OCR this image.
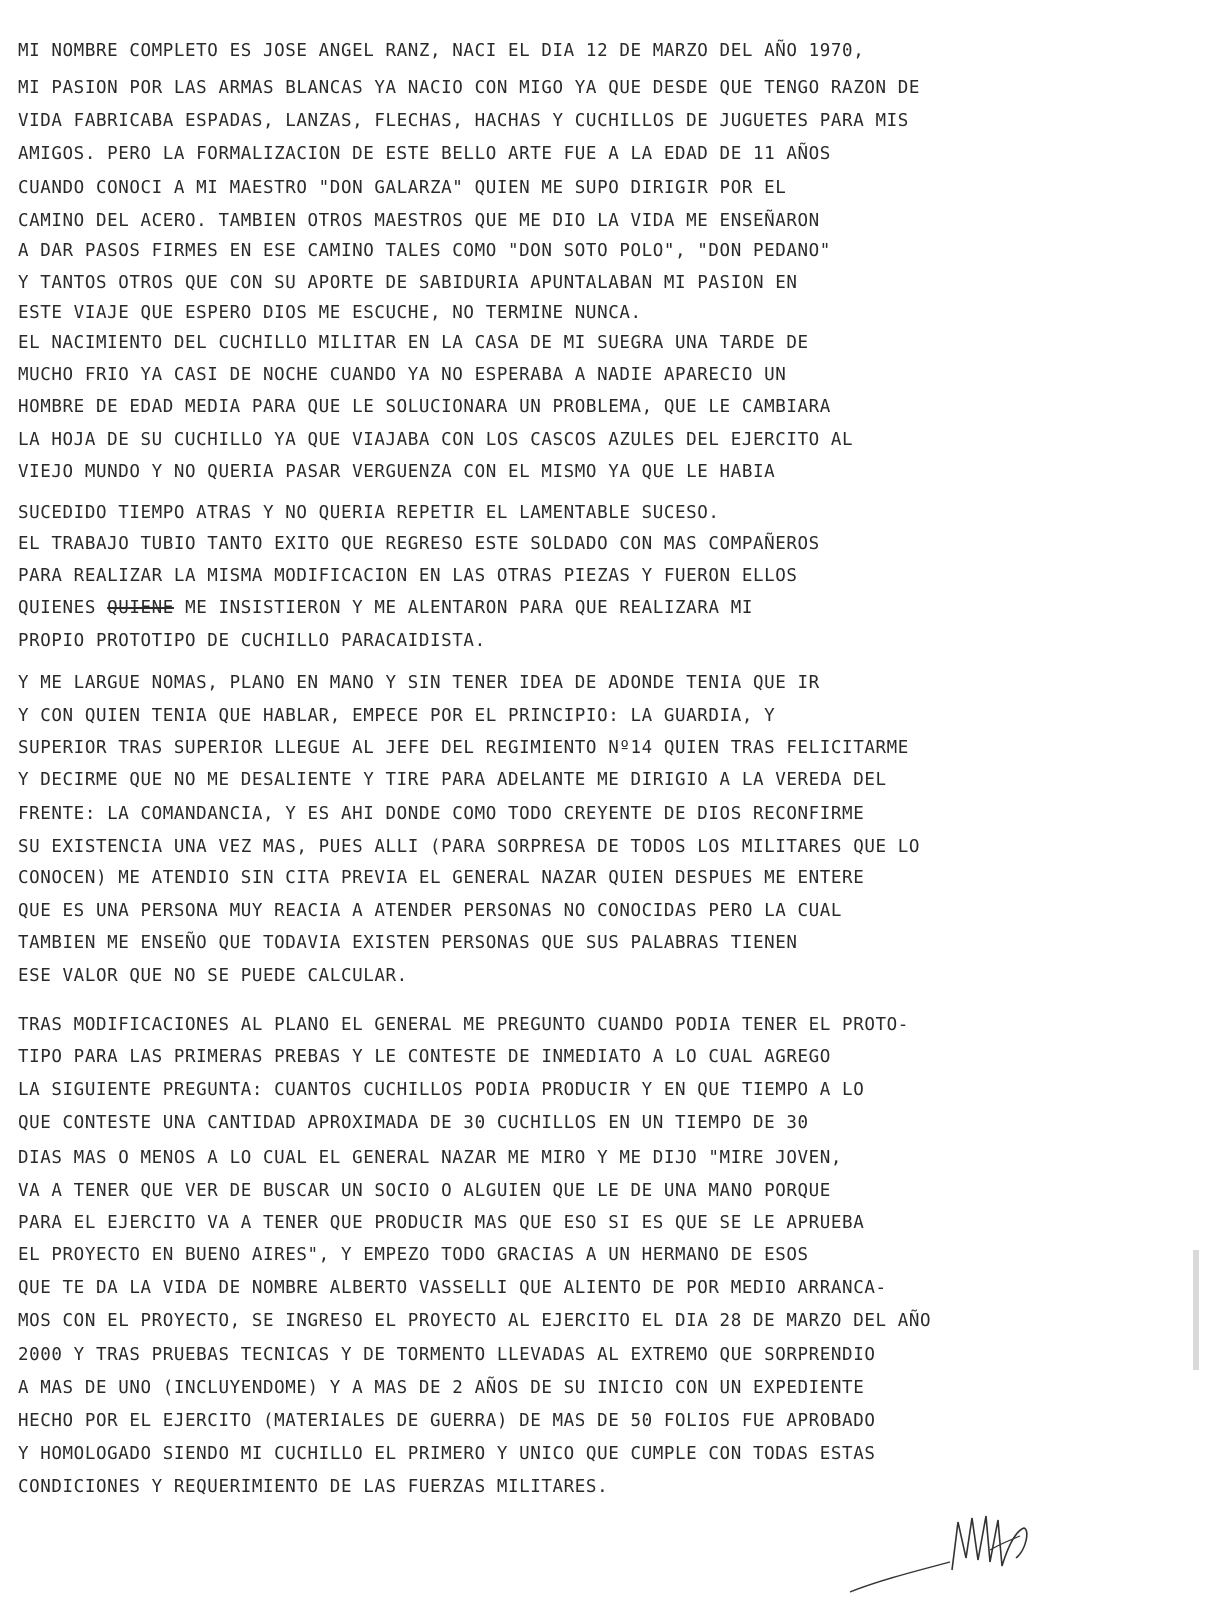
MI NOMBRE COMPLETO ES JOSE ANGEL RANZ, NACI EL DIA 12 DE MARZO DEL AÑO 1970,
MI PASION POR LAS ARMAS BLANCAS YA NACIO CON MIGO YA QUE DESDE QUE TENGO RAZON DE
VIDA FABRICABA ESPADAS, LANZAS, FLECHAS, HACHAS Y CUCHILLOS DE JUGUETES PARA MIS
AMIGOS. PERO LA FORMALIZACION DE ESTE BELLO ARTE FUE A LA EDAD DE 11 AÑOS
CUANDO CONOCI A MI MAESTRO "DON GALARZA" QUIEN ME SUPO DIRIGIR POR EL
CAMINO DEL ACERO. TAMBIEN OTROS MAESTROS QUE ME DIO LA VIDA ME ENSEÑARON
A DAR PASOS FIRMES EN ESE CAMINO TALES COMO "DON SOTO POLO", "DON PEDANO"
Y TANTOS OTROS QUE CON SU APORTE DE SABIDURIA APUNTALABAN MI PASION EN
ESTE VIAJE QUE ESPERO DIOS ME ESCUCHE, NO TERMINE NUNCA.
EL NACIMIENTO DEL CUCHILLO MILITAR EN LA CASA DE MI SUEGRA UNA TARDE DE
MUCHO FRIO YA CASI DE NOCHE CUANDO YA NO ESPERABA A NADIE APARECIO UN
HOMBRE DE EDAD MEDIA PARA QUE LE SOLUCIONARA UN PROBLEMA, QUE LE CAMBIARA
LA HOJA DE SU CUCHILLO YA QUE VIAJABA CON LOS CASCOS AZULES DEL EJERCITO AL
VIEJO MUNDO Y NO QUERIA PASAR VERGUENZA CON EL MISMO YA QUE LE HABIA
SUCEDIDO TIEMPO ATRAS Y NO QUERIA REPETIR EL LAMENTABLE SUCESO.
EL TRABAJO TUBIO TANTO EXITO QUE REGRESO ESTE SOLDADO CON MAS COMPAÑEROS
PARA REALIZAR LA MISMA MODIFICACION EN LAS OTRAS PIEZAS Y FUERON ELLOS
QUIENES QUIENE ME INSISTIERON Y ME ALENTARON PARA QUE REALIZARA MI
PROPIO PROTOTIPO DE CUCHILLO PARACAIDISTA.
Y ME LARGUE NOMAS, PLANO EN MANO Y SIN TENER IDEA DE ADONDE TENIA QUE IR
Y CON QUIEN TENIA QUE HABLAR, EMPECE POR EL PRINCIPIO: LA GUARDIA, Y
SUPERIOR TRAS SUPERIOR LLEGUE AL JEFE DEL REGIMIENTO Nº14 QUIEN TRAS FELICITARME
Y DECIRME QUE NO ME DESALIENTE Y TIRE PARA ADELANTE ME DIRIGIO A LA VEREDA DEL
FRENTE: LA COMANDANCIA, Y ES AHI DONDE COMO TODO CREYENTE DE DIOS RECONFIRME
SU EXISTENCIA UNA VEZ MAS, PUES ALLI (PARA SORPRESA DE TODOS LOS MILITARES QUE LO
CONOCEN) ME ATENDIO SIN CITA PREVIA EL GENERAL NAZAR QUIEN DESPUES ME ENTERE
QUE ES UNA PERSONA MUY REACIA A ATENDER PERSONAS NO CONOCIDAS PERO LA CUAL
TAMBIEN ME ENSEÑO QUE TODAVIA EXISTEN PERSONAS QUE SUS PALABRAS TIENEN
ESE VALOR QUE NO SE PUEDE CALCULAR.
TRAS MODIFICACIONES AL PLANO EL GENERAL ME PREGUNTO CUANDO PODIA TENER EL PROTO-
TIPO PARA LAS PRIMERAS PREBAS Y LE CONTESTE DE INMEDIATO A LO CUAL AGREGO
LA SIGUIENTE PREGUNTA: CUANTOS CUCHILLOS PODIA PRODUCIR Y EN QUE TIEMPO A LO
QUE CONTESTE UNA CANTIDAD APROXIMADA DE 30 CUCHILLOS EN UN TIEMPO DE 30
DIAS MAS O MENOS A LO CUAL EL GENERAL NAZAR ME MIRO Y ME DIJO "MIRE JOVEN,
VA A TENER QUE VER DE BUSCAR UN SOCIO O ALGUIEN QUE LE DE UNA MANO PORQUE
PARA EL EJERCITO VA A TENER QUE PRODUCIR MAS QUE ESO SI ES QUE SE LE APRUEBA
EL PROYECTO EN BUENO AIRES", Y EMPEZO TODO GRACIAS A UN HERMANO DE ESOS
QUE TE DA LA VIDA DE NOMBRE ALBERTO VASSELLI QUE ALIENTO DE POR MEDIO ARRANCA-
MOS CON EL PROYECTO, SE INGRESO EL PROYECTO AL EJERCITO EL DIA 28 DE MARZO DEL AÑO
2000 Y TRAS PRUEBAS TECNICAS Y DE TORMENTO LLEVADAS AL EXTREMO QUE SORPRENDIO
A MAS DE UNO (INCLUYENDOME) Y A MAS DE 2 AÑOS DE SU INICIO CON UN EXPEDIENTE
HECHO POR EL EJERCITO (MATERIALES DE GUERRA) DE MAS DE 50 FOLIOS FUE APROBADO
Y HOMOLOGADO SIENDO MI CUCHILLO EL PRIMERO Y UNICO QUE CUMPLE CON TODAS ESTAS
CONDICIONES Y REQUERIMIENTO DE LAS FUERZAS MILITARES.
